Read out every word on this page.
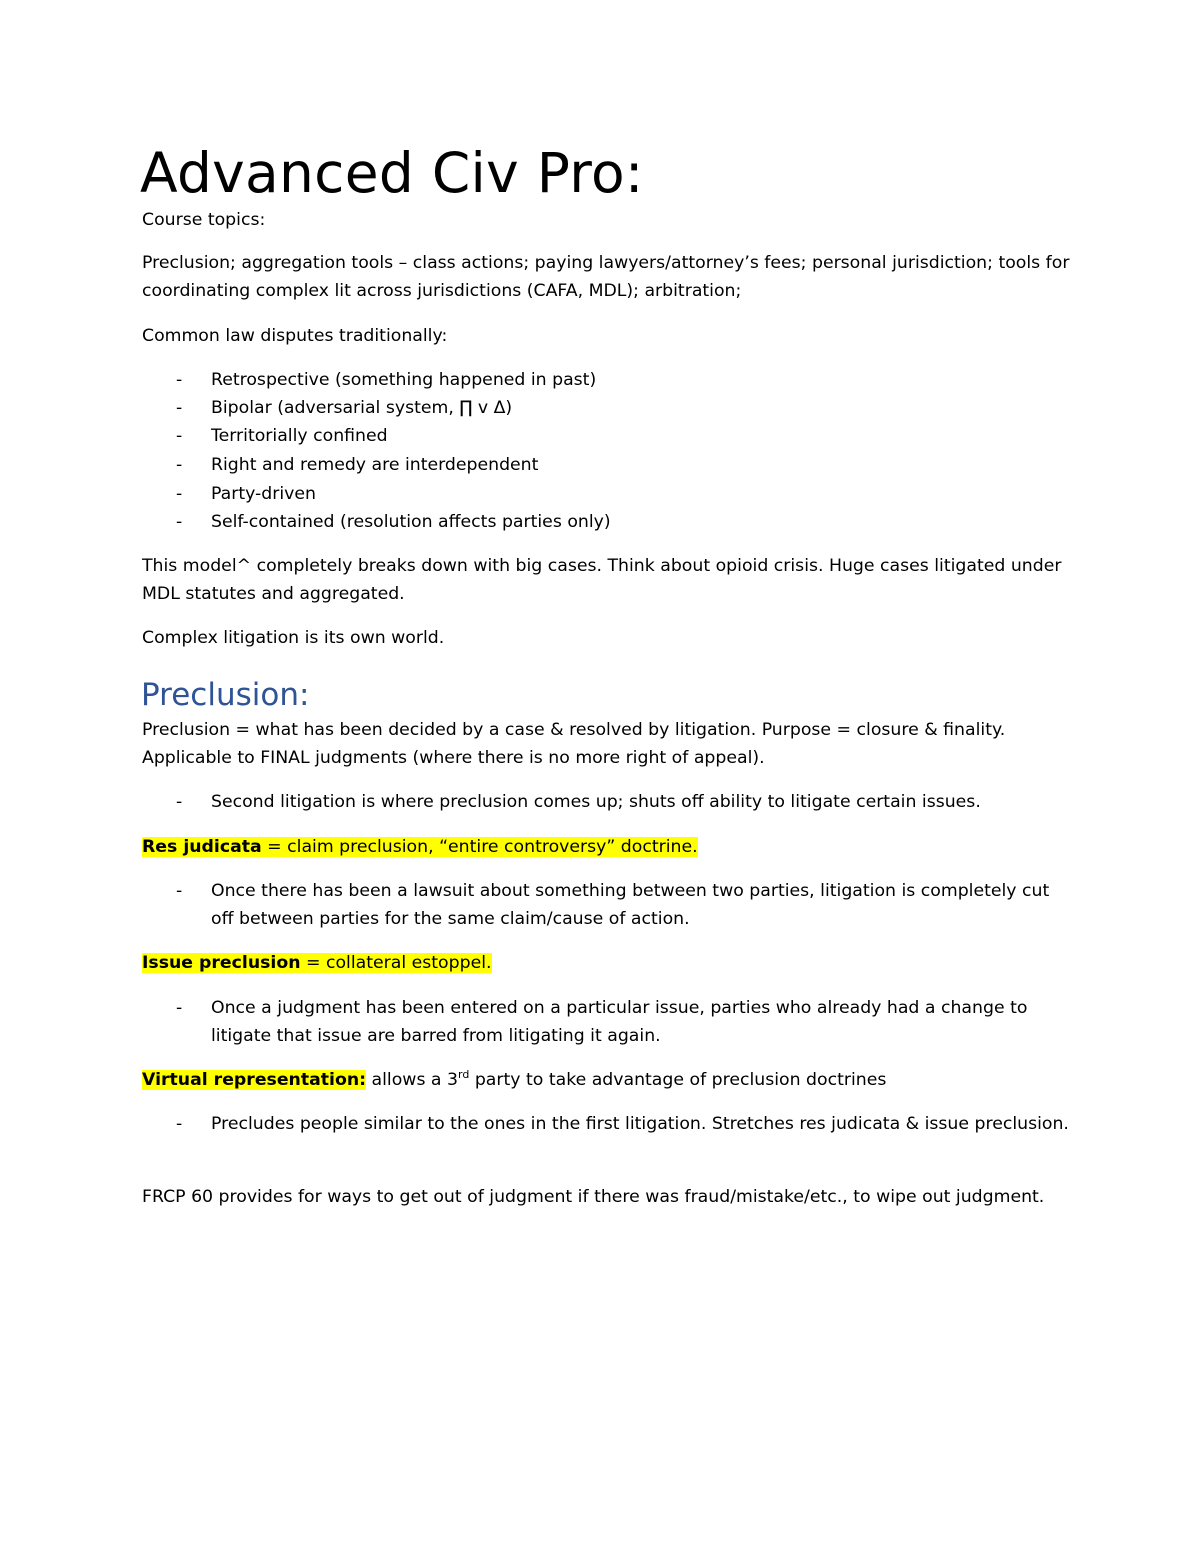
Advanced Civ Pro:

Course topics:

Preclusion; aggregation tools – class actions; paying lawyers/attorney’s fees; personal jurisdiction; tools for coordinating complex lit across jurisdictions (CAFA, MDL); arbitration;

Common law disputes traditionally:

- Retrospective (something happened in past)

- Bipolar (adversarial system, ∏ v Δ)

- Territorially confined

- Right and remedy are interdependent

- Party-driven

- Self-contained (resolution affects parties only)

This model^ completely breaks down with big cases. Think about opioid crisis. Huge cases litigated under MDL statutes and aggregated.

Complex litigation is its own world.

Preclusion:

Preclusion = what has been decided by a case & resolved by litigation. Purpose = closure & finality. Applicable to FINAL judgments (where there is no more right of appeal).

- Second litigation is where preclusion comes up; shuts off ability to litigate certain issues.

Res judicata = claim preclusion, “entire controversy” doctrine.

- Once there has been a lawsuit about something between two parties, litigation is completely cut off between parties for the same claim/cause of action.

Issue preclusion = collateral estoppel.

- Once a judgment has been entered on a particular issue, parties who already had a change to litigate that issue are barred from litigating it again.

Virtual representation: allows a 3rd party to take advantage of preclusion doctrines

- Precludes people similar to the ones in the first litigation. Stretches res judicata & issue preclusion.

FRCP 60 provides for ways to get out of judgment if there was fraud/mistake/etc., to wipe out judgment.
